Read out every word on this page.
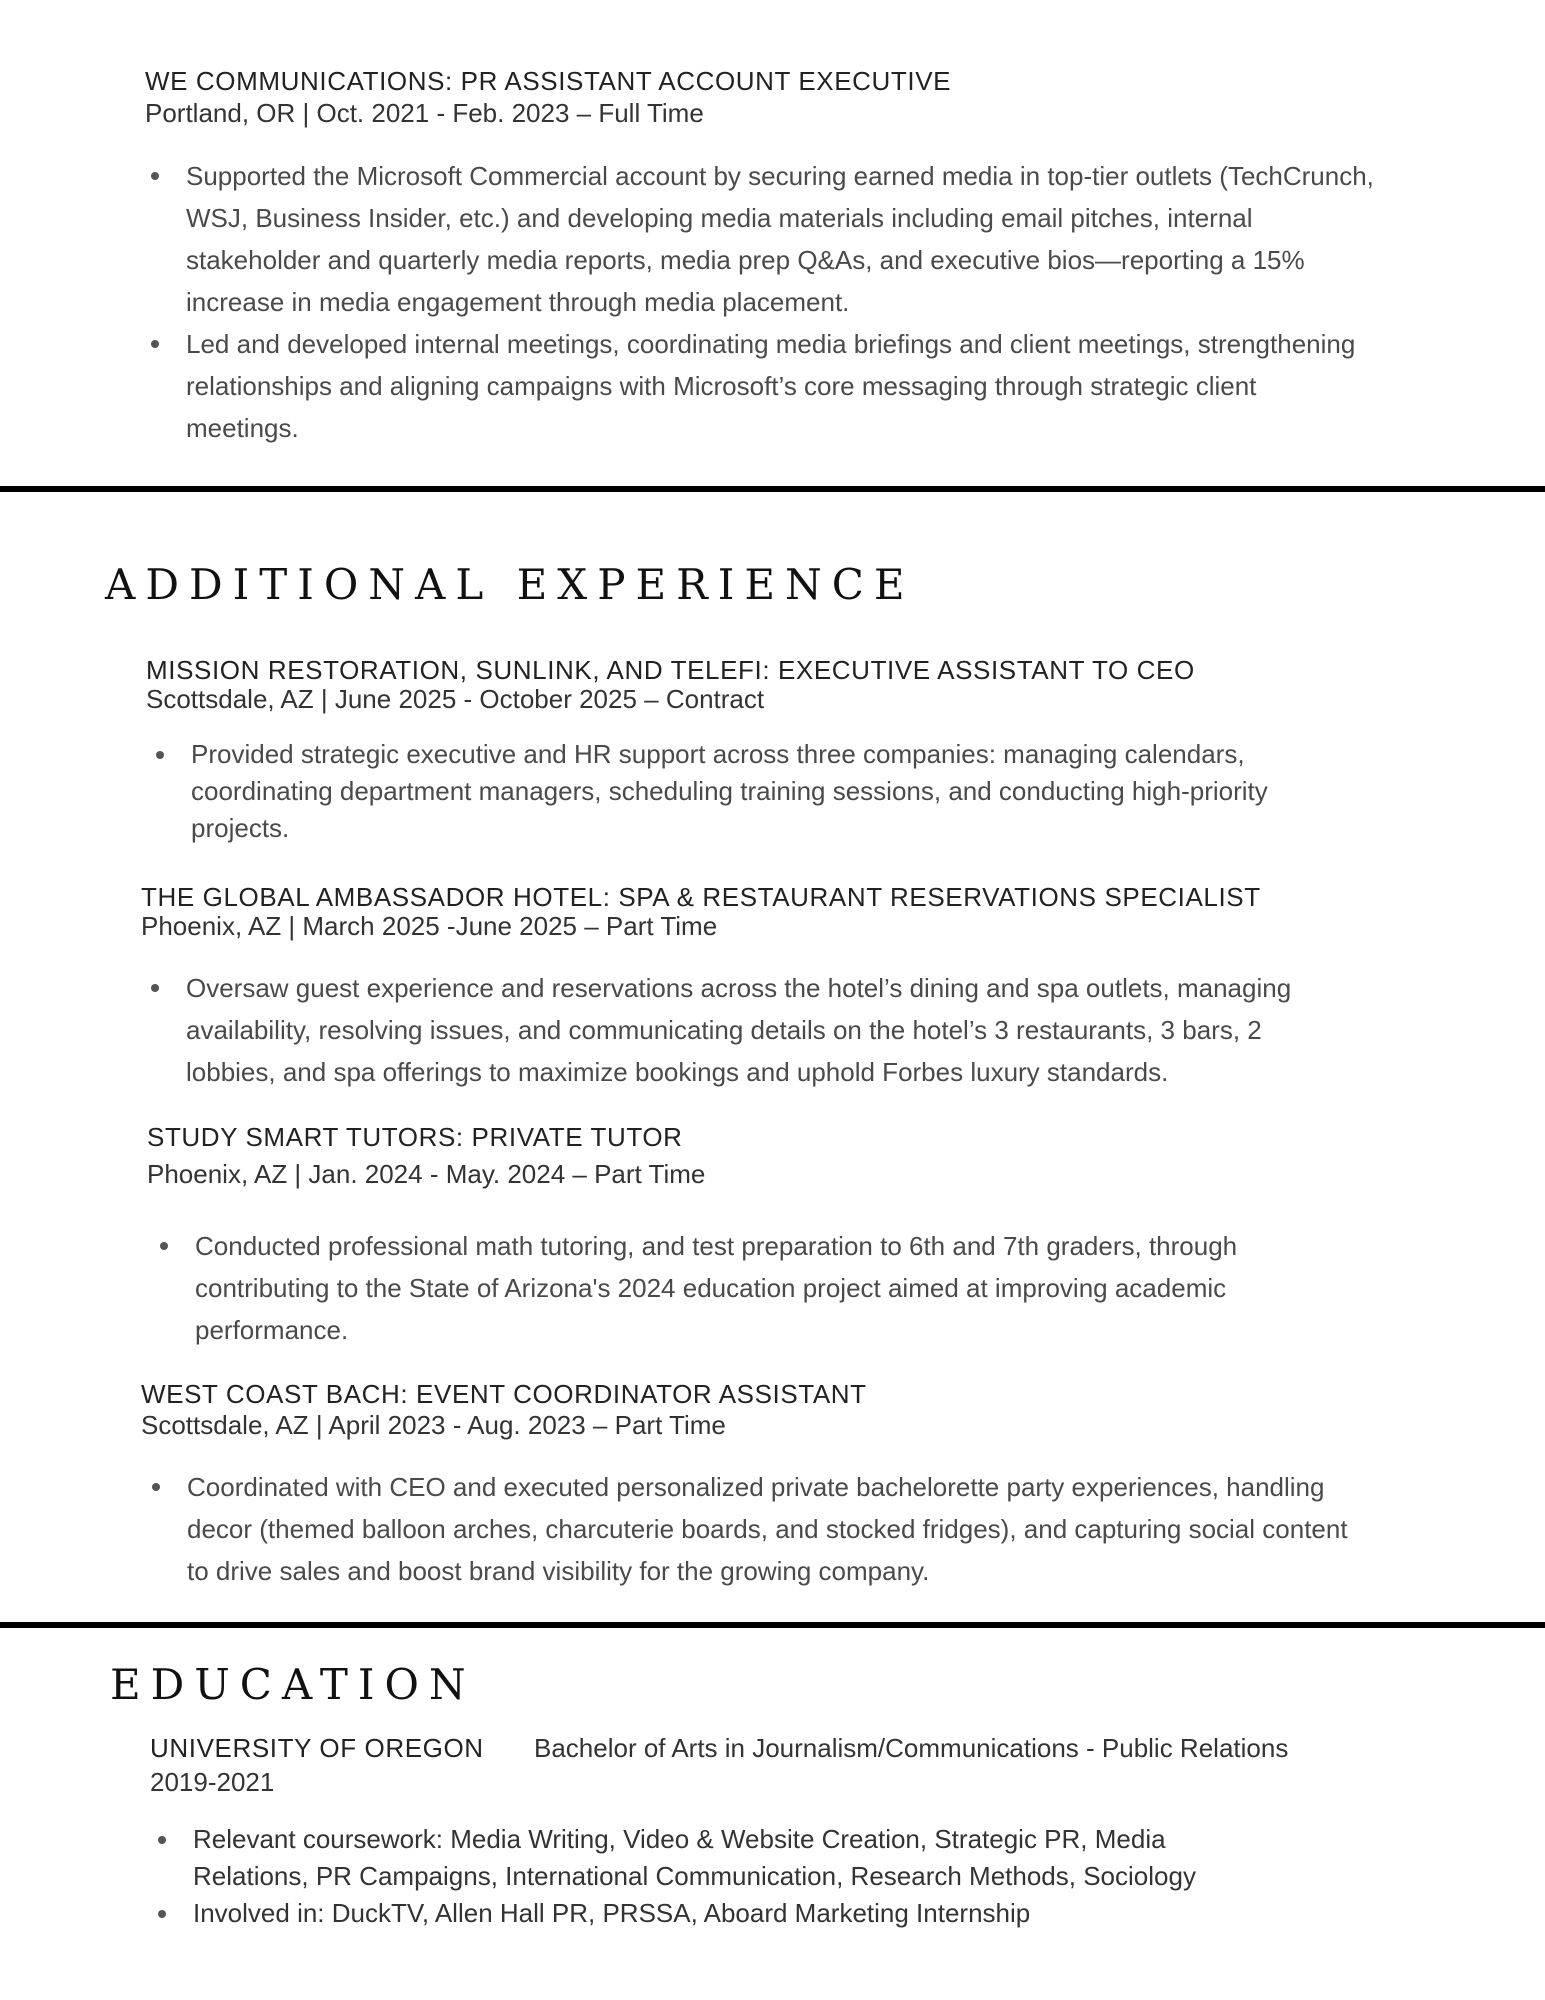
WE COMMUNICATIONS: PR ASSISTANT ACCOUNT EXECUTIVE
Portland, OR | Oct. 2021 - Feb. 2023 – Full Time
Supported the Microsoft Commercial account by securing earned media in top-tier outlets (TechCrunch, WSJ, Business Insider, etc.) and developing media materials including email pitches, internal stakeholder and quarterly media reports, media prep Q&As, and executive bios—reporting a 15% increase in media engagement through media placement.
Led and developed internal meetings, coordinating media briefings and client meetings, strengthening relationships and aligning campaigns with Microsoft’s core messaging through strategic client meetings.
ADDITIONAL EXPERIENCE
MISSION RESTORATION, SUNLINK, AND TELEFI: EXECUTIVE ASSISTANT TO CEO
Scottsdale, AZ | June 2025 - October 2025 – Contract
Provided strategic executive and HR support across three companies: managing calendars, coordinating department managers, scheduling training sessions, and conducting high-priority projects.
THE GLOBAL AMBASSADOR HOTEL: SPA & RESTAURANT RESERVATIONS SPECIALIST
Phoenix, AZ | March 2025 -June 2025 – Part Time
Oversaw guest experience and reservations across the hotel’s dining and spa outlets, managing availability, resolving issues, and communicating details on the hotel’s 3 restaurants, 3 bars, 2 lobbies, and spa offerings to maximize bookings and uphold Forbes luxury standards.
STUDY SMART TUTORS: PRIVATE TUTOR
Phoenix, AZ | Jan. 2024 - May. 2024 – Part Time
Conducted professional math tutoring, and test preparation to 6th and 7th graders, through contributing to the State of Arizona's 2024 education project aimed at improving academic performance.
WEST COAST BACH: EVENT COORDINATOR ASSISTANT
Scottsdale, AZ | April 2023 - Aug. 2023 – Part Time
Coordinated with CEO and executed personalized private bachelorette party experiences, handling decor (themed balloon arches, charcuterie boards, and stocked fridges), and capturing social content to drive sales and boost brand visibility for the growing company.
EDUCATION
UNIVERSITY OF OREGON Bachelor of Arts in Journalism/Communications - Public Relations
2019-2021
Relevant coursework: Media Writing, Video & Website Creation, Strategic PR, Media Relations, PR Campaigns, International Communication, Research Methods, Sociology
Involved in: DuckTV, Allen Hall PR, PRSSA, Aboard Marketing Internship
